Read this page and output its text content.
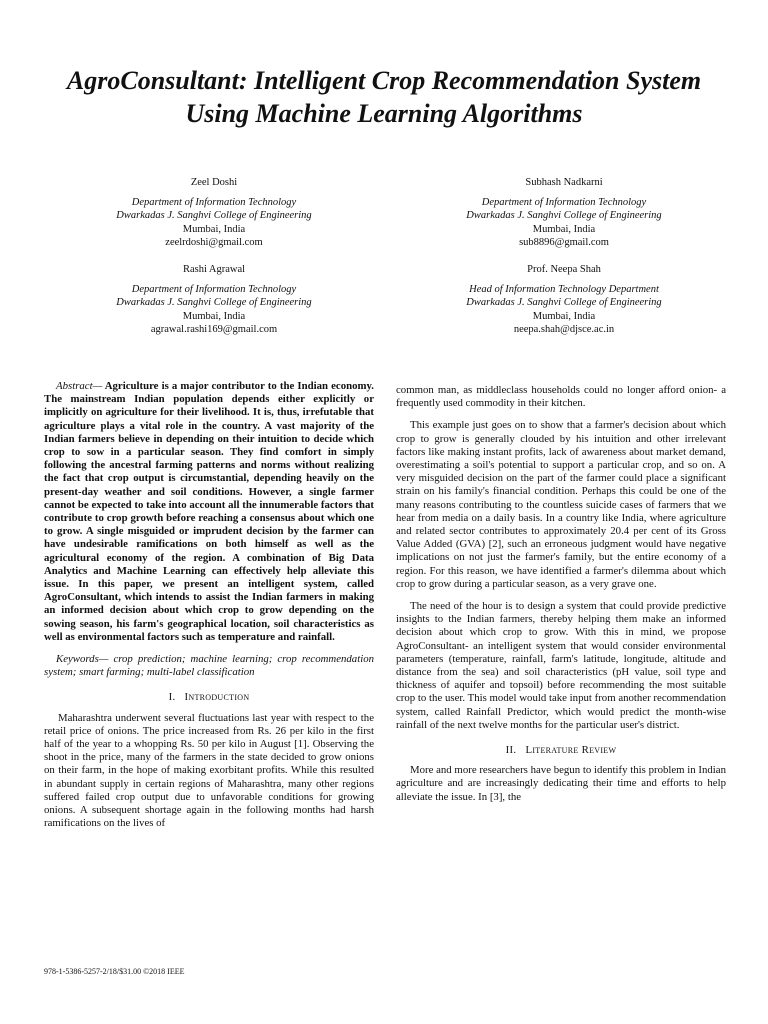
AgroConsultant: Intelligent Crop Recommendation System Using Machine Learning Algorithms
Zeel Doshi
Department of Information Technology
Dwarkadas J. Sanghvi College of Engineering
Mumbai, India
zeelrdoshi@gmail.com
Subhash Nadkarni
Department of Information Technology
Dwarkadas J. Sanghvi College of Engineering
Mumbai, India
sub8896@gmail.com
Rashi Agrawal
Department of Information Technology
Dwarkadas J. Sanghvi College of Engineering
Mumbai, India
agrawal.rashi169@gmail.com
Prof. Neepa Shah
Head of Information Technology Department
Dwarkadas J. Sanghvi College of Engineering
Mumbai, India
neepa.shah@djsce.ac.in

Abstract— Agriculture is a major contributor to the Indian economy. The mainstream Indian population depends either explicitly or implicitly on agriculture for their livelihood. It is, thus, irrefutable that agriculture plays a vital role in the country. A vast majority of the Indian farmers believe in depending on their intuition to decide which crop to sow in a particular season. They find comfort in simply following the ancestral farming patterns and norms without realizing the fact that crop output is circumstantial, depending heavily on the present-day weather and soil conditions. However, a single farmer cannot be expected to take into account all the innumerable factors that contribute to crop growth before reaching a consensus about which one to grow. A single misguided or imprudent decision by the farmer can have undesirable ramifications on both himself as well as the agricultural economy of the region. A combination of Big Data Analytics and Machine Learning can effectively help alleviate this issue. In this paper, we present an intelligent system, called AgroConsultant, which intends to assist the Indian farmers in making an informed decision about which crop to grow depending on the sowing season, his farm's geographical location, soil characteristics as well as environmental factors such as temperature and rainfall.

Keywords— crop prediction; machine learning; crop recommendation system; smart farming; multi-label classification

I. Introduction

Maharashtra underwent several fluctuations last year with respect to the retail price of onions. The price increased from Rs. 26 per kilo in the first half of the year to a whopping Rs. 50 per kilo in August [1]. Observing the shoot in the price, many of the farmers in the state decided to grow onions on their farm, in the hope of making exorbitant profits. While this resulted in abundant supply in certain regions of Maharashtra, many other regions suffered failed crop output due to unfavorable conditions for growing onions. A subsequent shortage again in the following months had harsh ramifications on the lives of

common man, as middleclass households could no longer afford onion- a frequently used commodity in their kitchen.

This example just goes on to show that a farmer's decision about which crop to grow is generally clouded by his intuition and other irrelevant factors like making instant profits, lack of awareness about market demand, overestimating a soil's potential to support a particular crop, and so on. A very misguided decision on the part of the farmer could place a significant strain on his family's financial condition. Perhaps this could be one of the many reasons contributing to the countless suicide cases of farmers that we hear from media on a daily basis. In a country like India, where agriculture and related sector contributes to approximately 20.4 per cent of its Gross Value Added (GVA) [2], such an erroneous judgment would have negative implications on not just the farmer's family, but the entire economy of a region. For this reason, we have identified a farmer's dilemma about which crop to grow during a particular season, as a very grave one.

The need of the hour is to design a system that could provide predictive insights to the Indian farmers, thereby helping them make an informed decision about which crop to grow. With this in mind, we propose AgroConsultant- an intelligent system that would consider environmental parameters (temperature, rainfall, farm's latitude, longitude, altitude and distance from the sea) and soil characteristics (pH value, soil type and thickness of aquifer and topsoil) before recommending the most suitable crop to the user. This model would take input from another recommendation system, called Rainfall Predictor, which would predict the month-wise rainfall of the next twelve months for the particular user's district.

II. Literature Review

More and more researchers have begun to identify this problem in Indian agriculture and are increasingly dedicating their time and efforts to help alleviate the issue. In [3], the

978-1-5386-5257-2/18/$31.00 ©2018 IEEE
